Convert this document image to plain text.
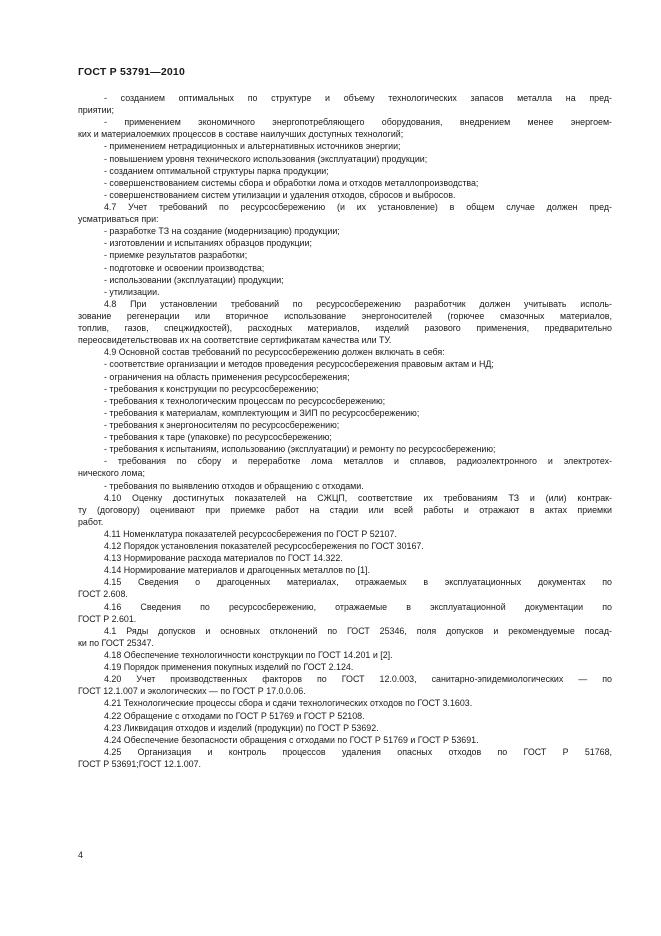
ГОСТ Р 53791—2010
- созданием оптимальных по структуре и объему технологических запасов металла на пред-
приятии;
- применением экономичного энергопотребляющего оборудования, внедрением менее энергоем-
ких и материалоемких процессов в составе наилучших доступных технологий;
- применением нетрадиционных и альтернативных источников энергии;
- повышением уровня технического использования (эксплуатации) продукции;
- созданием оптимальной структуры парка продукции;
- совершенствованием системы сбора и обработки лома и отходов металлопроизводства;
- совершенствованием систем утилизации и удаления отходов, сбросов и выбросов.
4.7 Учет требований по ресурсосбережению (и их установление) в общем случае должен пред-
усматриваться при:
- разработке ТЗ на создание (модернизацию) продукции;
- изготовлении и испытаниях образцов продукции;
- приемке результатов разработки;
- подготовке и освоении производства;
- использовании (эксплуатации) продукции;
- утилизации.
4.8 При установлении требований по ресурсосбережению разработчик должен учитывать исполь-
зование регенерации или вторичное использование энергоносителей (горючее смазочных материалов,
топлив, газов, спецжидкостей), расходных материалов, изделий разового применения, предварительно
переосвидетельствовав их на соответствие сертификатам качества или ТУ.
4.9 Основной состав требований по ресурсосбережению должен включать в себя:
- соответствие организации и методов проведения ресурсосбережения правовым актам и НД;
- ограничения на область применения ресурсосбережения;
- требования к конструкции по ресурсосбережению;
- требования к технологическим процессам по ресурсосбережению;
- требования к материалам, комплектующим и ЗИП по ресурсосбережению;
- требования к энергоносителям по ресурсосбережению;
- требования к таре (упаковке) по ресурсосбережению;
- требования к испытаниям, использованию (эксплуатации) и ремонту по ресурсосбережению;
- требования по сбору и переработке лома металлов и сплавов, радиоэлектронного и электротех-
нического лома;
- требования по выявлению отходов и обращению с отходами.
4.10 Оценку достигнутых показателей на СЖЦП, соответствие их требованиям ТЗ и (или) контрак-
ту (договору) оценивают при приемке работ на стадии или всей работы и отражают в актах приемки
работ.
4.11 Номенклатура показателей ресурсосбережения по ГОСТ Р 52107.
4.12 Порядок установления показателей ресурсосбережения по ГОСТ 30167.
4.13 Нормирование расхода материалов по ГОСТ 14.322.
4.14 Нормирование материалов и драгоценных металлов по [1].
4.15 Сведения о драгоценных материалах, отражаемых в эксплуатационных документах по
ГОСТ 2.608.
4.16 Сведения по ресурсосбережению, отражаемые в эксплуатационной документации по
ГОСТ Р 2.601.
4.1 Ряды допусков и основных отклонений по ГОСТ 25346, поля допусков и рекомендуемые посад-
ки по ГОСТ 25347.
4.18 Обеспечение технологичности конструкции по ГОСТ 14.201 и [2].
4.19 Порядок применения покупных изделий по ГОСТ 2.124.
4.20 Учет производственных факторов по ГОСТ 12.0.003, санитарно-эпидемиологических — по
ГОСТ 12.1.007 и экологических — по ГОСТ Р 17.0.0.06.
4.21 Технологические процессы сбора и сдачи технологических отходов по ГОСТ 3.1603.
4.22 Обращение с отходами по ГОСТ Р 51769 и ГОСТ Р 52108.
4.23 Ликвидация отходов и изделий (продукции) по ГОСТ Р 53692.
4.24 Обеспечение безопасности обращения с отходами по ГОСТ Р 51769 и ГОСТ Р 53691.
4.25 Организация и контроль процессов удаления опасных отходов по ГОСТ Р 51768,
ГОСТ Р 53691;ГОСТ 12.1.007.
4
